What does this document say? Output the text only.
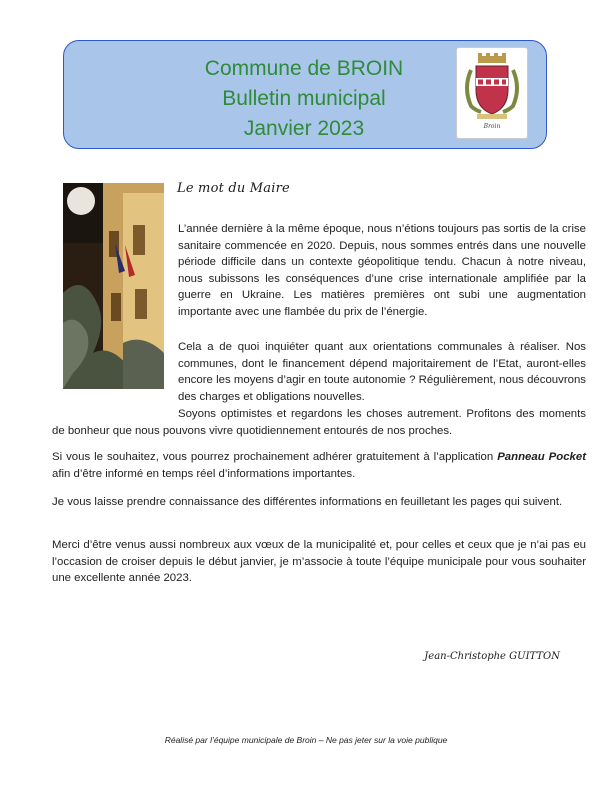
Commune de BROIN
Bulletin municipal
Janvier 2023	Broin
Le mot du Maire

L’année dernière à la même époque, nous n’étions toujours pas sortis de la crise sanitaire commencée en 2020. Depuis, nous sommes entrés dans une nouvelle période difficile dans un contexte géopolitique tendu. Chacun à notre niveau, nous subissons les conséquences d’une crise internationale amplifiée par la guerre en Ukraine. Les matières premières ont subi une augmentation importante avec une flambée du prix de l’énergie.

Cela a de quoi inquiéter quant aux orientations communales à réaliser. Nos communes, dont le financement dépend majoritairement de l’Etat, auront-elles encore les moyens d’agir en toute autonomie ? Régulièrement, nous découvrons des charges et obligations nouvelles.

Soyons optimistes et regardons les choses autrement. Profitons des moments de bonheur que nous pouvons vivre quotidiennement entourés de nos proches.

Si vous le souhaitez, vous pourrez prochainement adhérer gratuitement à l’application Panneau Pocket afin d’être informé en temps réel d’informations importantes.

Je vous laisse prendre connaissance des différentes informations en feuilletant les pages qui suivent.

Merci d’être venus aussi nombreux aux vœux de la municipalité et, pour celles et ceux que je n’ai pas eu l’occasion de croiser depuis le début janvier, je m’associe à toute l’équipe municipale pour vous souhaiter une excellente année 2023.

Jean-Christophe GUITTON
Réalisé par l’équipe municipale de Broin – Ne pas jeter sur la voie publique
